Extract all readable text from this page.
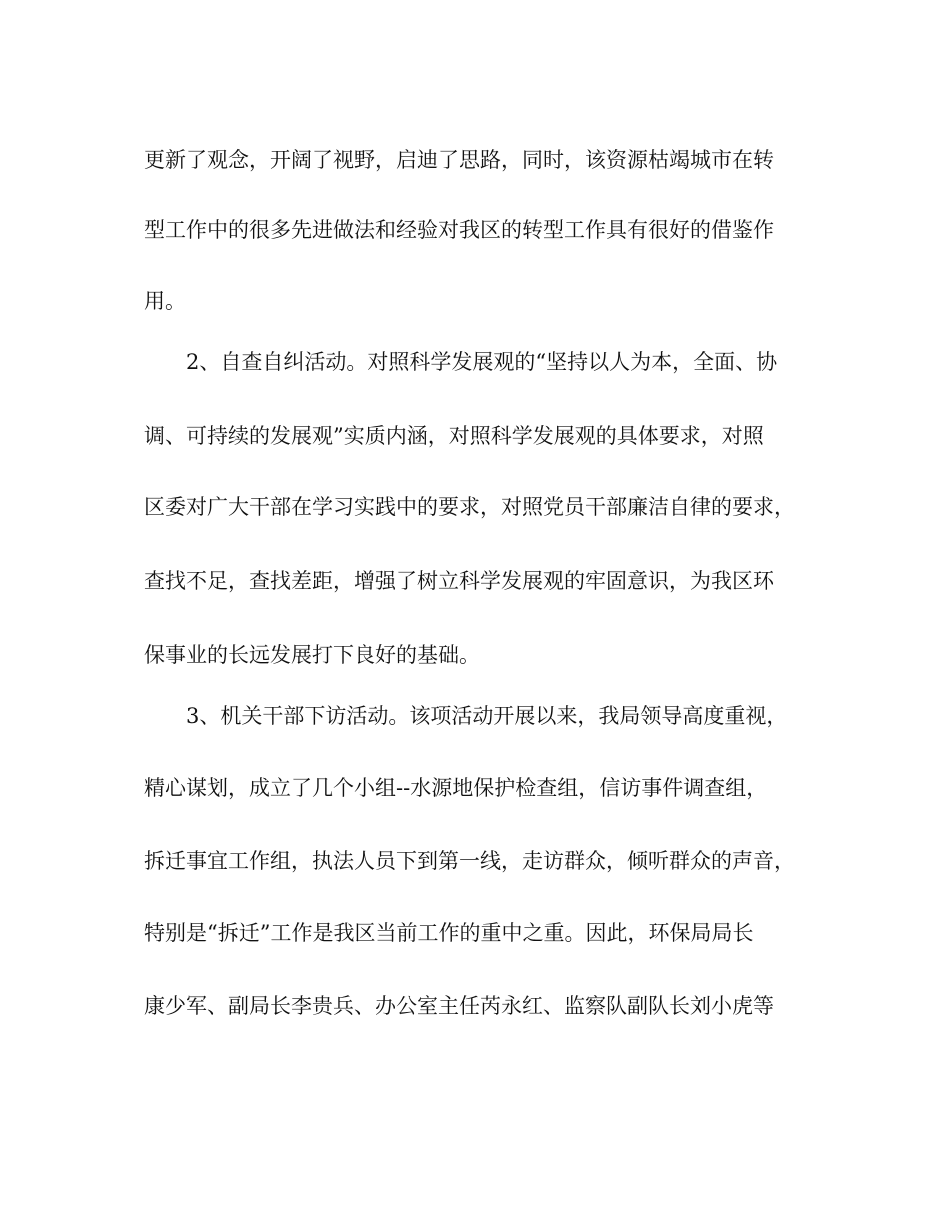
更新了观念，开阔了视野，启迪了思路，同时，该资源枯竭城市在转

型工作中的很多先进做法和经验对我区的转型工作具有很好的借鉴作

用。

2、自查自纠活动。对照科学发展观的“坚持以人为本，全面、协

调、可持续的发展观”实质内涵，对照科学发展观的具体要求，对照

区委对广大干部在学习实践中的要求，对照党员干部廉洁自律的要求，

查找不足，查找差距，增强了树立科学发展观的牢固意识，为我区环

保事业的长远发展打下良好的基础。

3、机关干部下访活动。该项活动开展以来，我局领导高度重视，

精心谋划，成立了几个小组--水源地保护检查组，信访事件调查组，

拆迁事宜工作组，执法人员下到第一线，走访群众，倾听群众的声音，

特别是“拆迁”工作是我区当前工作的重中之重。因此，环保局局长

康少军、副局长李贵兵、办公室主任芮永红、监察队副队长刘小虎等
